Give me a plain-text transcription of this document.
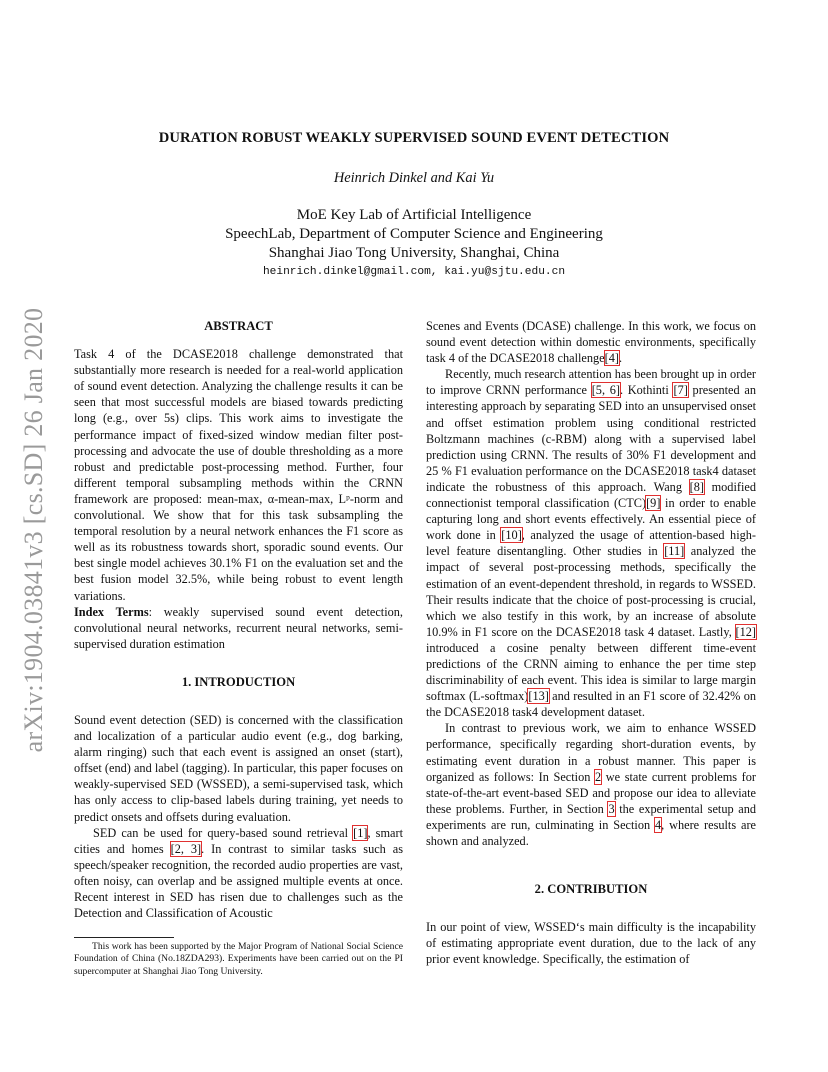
arXiv:1904.03841v3 [cs.SD] 26 Jan 2020
DURATION ROBUST WEAKLY SUPERVISED SOUND EVENT DETECTION
Heinrich Dinkel and Kai Yu
MoE Key Lab of Artificial Intelligence
SpeechLab, Department of Computer Science and Engineering
Shanghai Jiao Tong University, Shanghai, China
heinrich.dinkel@gmail.com, kai.yu@sjtu.edu.cn

ABSTRACT

Task 4 of the DCASE2018 challenge demonstrated that substantially more research is needed for a real-world application of sound event detection. Analyzing the challenge results it can be seen that most successful models are biased towards predicting long (e.g., over 5s) clips. This work aims to investigate the performance impact of fixed-sized window median filter post-processing and advocate the use of double thresholding as a more robust and predictable post-processing method. Further, four different temporal subsampling methods within the CRNN framework are proposed: mean-max, α-mean-max, Lᵖ-norm and convolutional. We show that for this task subsampling the temporal resolution by a neural network enhances the F1 score as well as its robustness towards short, sporadic sound events. Our best single model achieves 30.1% F1 on the evaluation set and the best fusion model 32.5%, while being robust to event length variations.

Index Terms: weakly supervised sound event detection, convolutional neural networks, recurrent neural networks, semi-supervised duration estimation

1. INTRODUCTION

Sound event detection (SED) is concerned with the classification and localization of a particular audio event (e.g., dog barking, alarm ringing) such that each event is assigned an onset (start), offset (end) and label (tagging). In particular, this paper focuses on weakly-supervised SED (WSSED), a semi-supervised task, which has only access to clip-based labels during training, yet needs to predict onsets and offsets during evaluation.

SED can be used for query-based sound retrieval [1], smart cities and homes [2, 3]. In contrast to similar tasks such as speech/speaker recognition, the recorded audio properties are vast, often noisy, can overlap and be assigned multiple events at once. Recent interest in SED has risen due to challenges such as the Detection and Classification of Acoustic

Scenes and Events (DCASE) challenge. In this work, we focus on sound event detection within domestic environments, specifically task 4 of the DCASE2018 challenge[4].

Recently, much research attention has been brought up in order to improve CRNN performance [5, 6]. Kothinti [7] presented an interesting approach by separating SED into an unsupervised onset and offset estimation problem using conditional restricted Boltzmann machines (c-RBM) along with a supervised label prediction using CRNN. The results of 30% F1 development and 25 % F1 evaluation performance on the DCASE2018 task4 dataset indicate the robustness of this approach. Wang [8] modified connectionist temporal classification (CTC)[9] in order to enable capturing long and short events effectively. An essential piece of work done in [10], analyzed the usage of attention-based high-level feature disentangling. Other studies in [11] analyzed the impact of several post-processing methods, specifically the estimation of an event-dependent threshold, in regards to WSSED. Their results indicate that the choice of post-processing is crucial, which we also testify in this work, by an increase of absolute 10.9% in F1 score on the DCASE2018 task 4 dataset. Lastly, [12] introduced a cosine penalty between different time-event predictions of the CRNN aiming to enhance the per time step discriminability of each event. This idea is similar to large margin softmax (L-softmax)[13] and resulted in an F1 score of 32.42% on the DCASE2018 task4 development dataset.

In contrast to previous work, we aim to enhance WSSED performance, specifically regarding short-duration events, by estimating event duration in a robust manner. This paper is organized as follows: In Section 2 we state current problems for state-of-the-art event-based SED and propose our idea to alleviate these problems. Further, in Section 3 the experimental setup and experiments are run, culminating in Section 4, where results are shown and analyzed.

2. CONTRIBUTION

In our point of view, WSSED‘s main difficulty is the incapability of estimating appropriate event duration, due to the lack of any prior event knowledge. Specifically, the estimation of

This work has been supported by the Major Program of National Social Science Foundation of China (No.18ZDA293). Experiments have been carried out on the PI supercomputer at Shanghai Jiao Tong University.
